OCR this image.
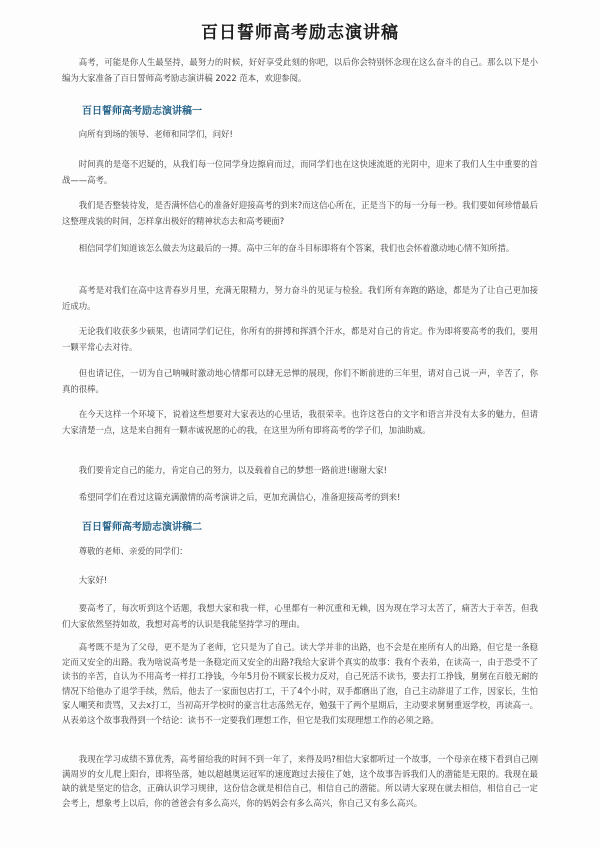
百日誓师高考励志演讲稿

高考，可能是你人生最坚持，最努力的时候，好好享受此刻的你吧，以后你会特别怀念现在这么奋斗的自己。那么以下是小编为大家准备了百日誓师高考励志演讲稿 2022 范本，欢迎参阅。

百日誓师高考励志演讲稿一

向所有到场的领导、老师和同学们，问好!

时间真的是毫不迟疑的，从我们每一位同学身边擦肩而过，而同学们也在这快速流逝的光阴中，迎来了我们人生中重要的首战——高考。

我们是否整装待发，是否满怀信心的准备好迎接高考的到来?而这信心所在，正是当下的每一分每一秒。我们要如何珍惜最后这整理戎装的时间，怎样拿出极好的精神状态去和高考硬面?

相信同学们知道该怎么做去为这最后的一搏。高中三年的奋斗目标即将有个答案，我们也会怀着激动地心情不知所措。

高考是对我们在高中这青春岁月里，充满无限精力，努力奋斗的见证与检验。我们所有奔跑的路途，都是为了让自己更加接近成功。

无论我们收获多少硕果，也请同学们记住，你所有的拼搏和挥洒个汗水，都是对自己的肯定。作为即将要高考的我们，要用一颗平常心去对待。

但也请记住，一切为自己呐喊时激动地心情都可以肆无忌惮的展现，你们不断前进的三年里，请对自己说一声，辛苦了，你真的很棒。

在今天这样一个环境下，说着这些想要对大家表达的心里话，我很荣幸。也许这苍白的文字和语言并没有太多的魅力，但请大家清楚一点，这是来自拥有一颗赤诚祝愿的心的我，在这里为所有即将高考的学子们，加油助威。

我们要肯定自己的能力，肯定自己的努力，以及载着自己的梦想一路前进!谢谢大家!

希望同学们在看过这篇充满激情的高考演讲之后，更加充满信心，准备迎接高考的到来!

百日誓师高考励志演讲稿二

尊敬的老师、亲爱的同学们：

大家好!

要高考了，每次听到这个话题，我想大家和我一样，心里都有一种沉重和无赖，因为现在学习太苦了，痛苦大于幸苦，但我们大家依然坚持如故，我想对高考的认识是我能坚持学习的理由。

高考既不是为了父母，更不是为了老师，它只是为了自己。读大学并非的出路，也不会是在座所有人的出路，但它是一条稳定而又安全的出路。我为啥说高考是一条稳定而又安全的出路?我给大家讲个真实的故事：我有个表弟，在读高一，由于恐受不了读书的辛苦，自认为不用高考一样打工挣钱，今年5月份不顾家长极力反对，自己死活不读书，要去打工挣钱，舅舅在百般无耐的情况下给他办了退学手续，然后，他去了一家面包店打工，干了4个小时，双手都磨出了泡，自己主动辞退了工作，因家长，生怕家人嘲笑和责骂，又去x打工，当初高开学校时的豪言壮志荡然无存，勉强干了两个星期后，主动要求舅舅重返学校，再读高一。从表弟这个故事我得到一个结论：读书不一定要我们理想工作，但它是我们实现理想工作的必须之路。

我现在学习成绩不算优秀，高考留给我的时间不到一年了，来得及吗?相信大家都听过一个故事，一个母亲在楼下看到自己刚满周岁的女儿爬上阳台，即将坠落，她以超越奥运冠军的速度跑过去接住了她，这个故事告诉我们人的潜能是无限的。我现在最缺的就是坚定的信念，正确认识学习规律，这份信念就是相信自己，相信自己的潜能。所以请大家现在就去相信，相信自己一定会考上，想象考上以后，你的爸爸会有多么高兴，你的妈妈会有多么高兴，你自己又有多么高兴。
